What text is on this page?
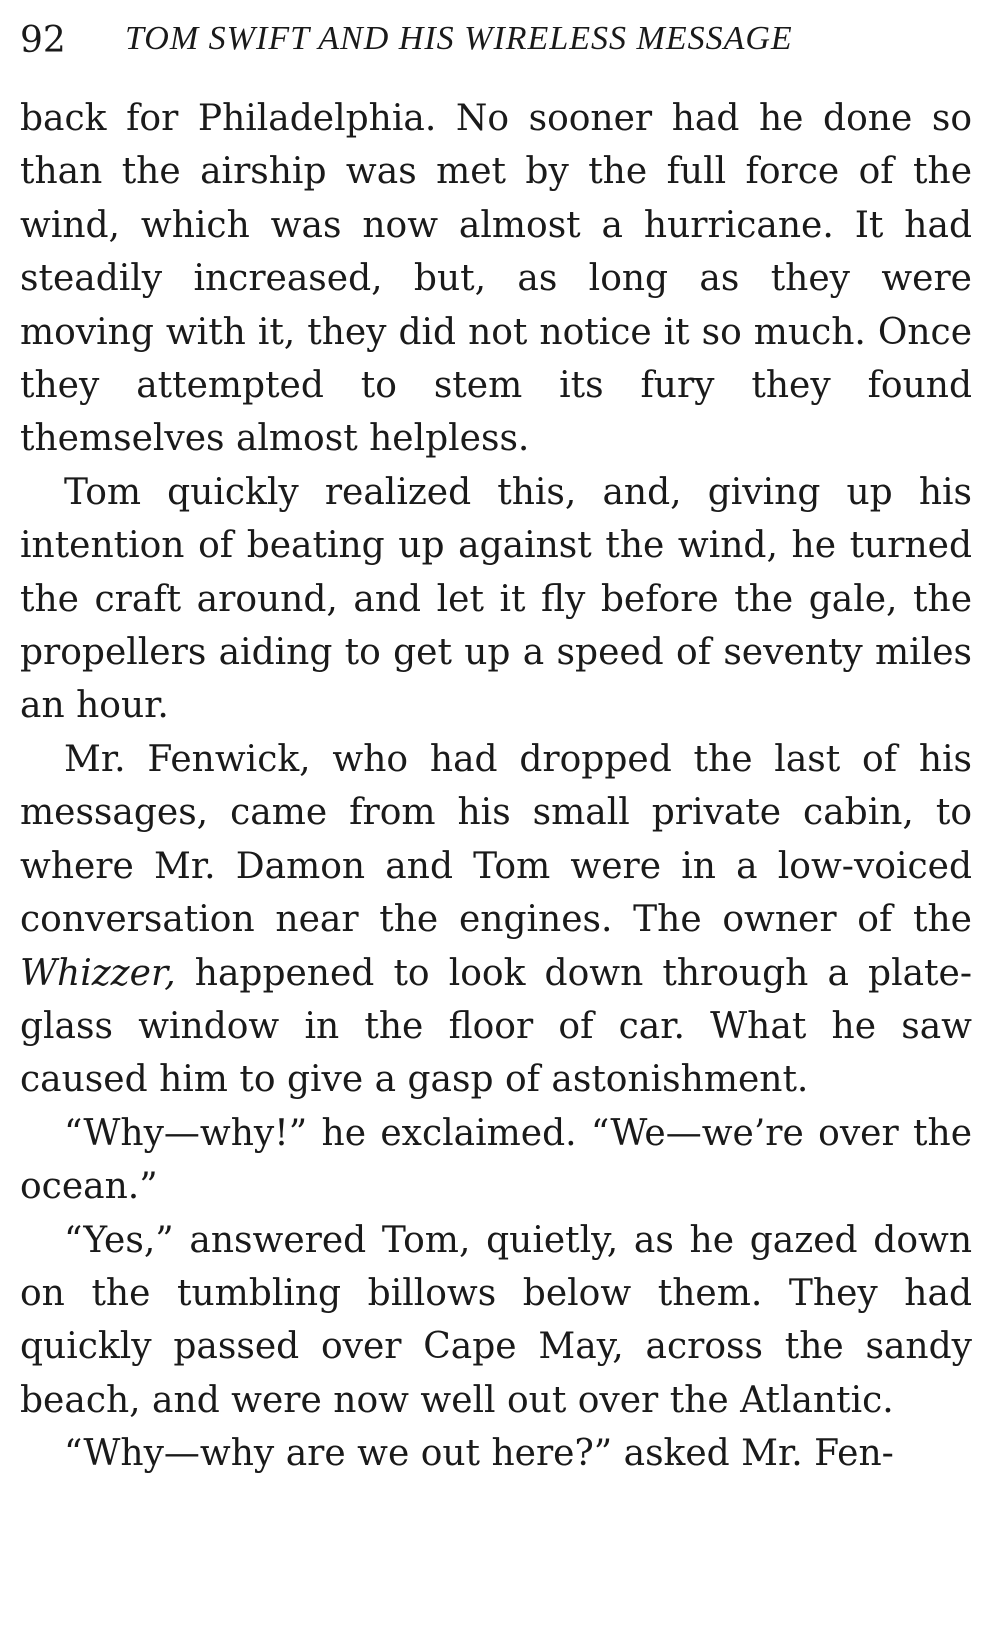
92 TOM SWIFT AND HIS WIRELESS MESSAGE

back for Philadelphia. No sooner had he done so than the airship was met by the full force of the wind, which was now almost a hurricane. It had steadily increased, but, as long as they were moving with it, they did not notice it so much. Once they attempted to stem its fury they found themselves almost helpless.

Tom quickly realized this, and, giving up his intention of beating up against the wind, he turned the craft around, and let it fly before the gale, the propellers aiding to get up a speed of seventy miles an hour.

Mr. Fenwick, who had dropped the last of his messages, came from his small private cabin, to where Mr. Damon and Tom were in a low-voiced conversation near the engines. The owner of the Whizzer, happened to look down through a plate-glass window in the floor of car. What he saw caused him to give a gasp of astonishment.

“Why—why!” he exclaimed. “We—we’re over the ocean.”

“Yes,” answered Tom, quietly, as he gazed down on the tumbling billows below them. They had quickly passed over Cape May, across the sandy beach, and were now well out over the Atlantic.

“Why—why are we out here?” asked Mr. Fen-
